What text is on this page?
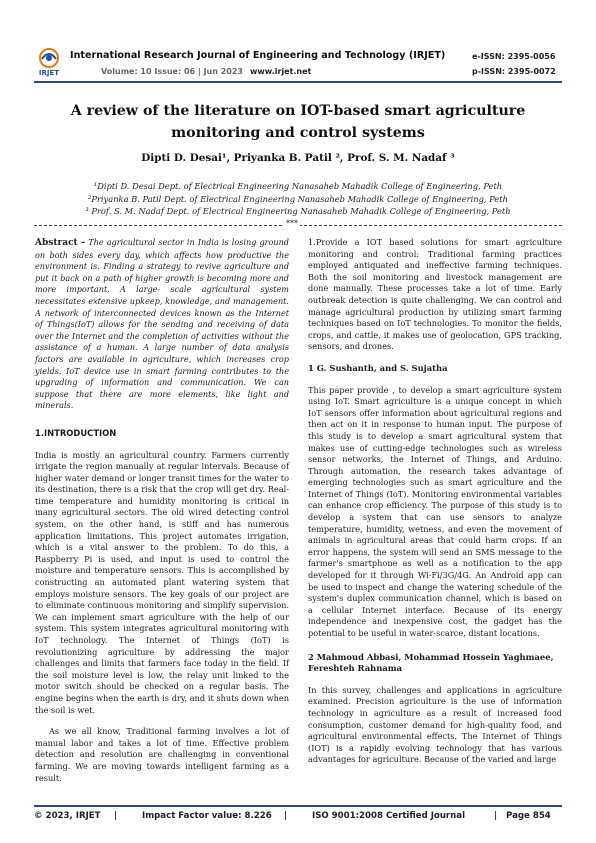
IRJET
International Research Journal of Engineering and Technology (IRJET)
Volume: 10 Issue: 06 | Jun 2023 www.irjet.net
e-ISSN: 2395-0056
p-ISSN: 2395-0072
A review of the literature on IOT-based smart agriculture monitoring and control systems
Dipti D. Desai¹, Priyanka B. Patil ², Prof. S. M. Nadaf ³
¹Dipti D. Desai Dept. of Electrical Engineering Nanasaheb Mahadik College of Engineering, Peth
²Priyanka B. Patil Dept. of Electrical Engineering Nanasaheb Mahadik College of Engineering, Peth
³ Prof. S. M. Nadaf Dept. of Electrical Engineering Nanasaheb Mahadik College of Engineering, Peth
***
Abstract - The agricultural sector in India is losing ground on both sides every day, which affects how productive the environment is. Finding a strategy to revive agriculture and put it back on a path of higher growth is becoming more and more important. A large- scale agricultural system necessitates extensive upkeep, knowledge, and management. A network of interconnected devices known as the Internet of Things(IoT) allows for the sending and receiving of data over the Internet and the completion of activities without the assistance of a human. A large number of data analysis factors are available in agriculture, which increases crop yields. IoT device use in smart farming contributes to the upgrading of information and communication. We can suppose that there are more elements, like light and minerals.
1.INTRODUCTION
India is mostly an agricultural country. Farmers currently irrigate the region manually at regular intervals. Because of higher water demand or longer transit times for the water to its destination, there is a risk that the crop will get dry. Real-time temperature and humidity monitoring is critical in many agricultural sectors. The old wired detecting control system, on the other hand, is stiff and has numerous application limitations. This project automates irrigation, which is a vital answer to the problem. To do this, a Raspberry Pi is used, and input is used to control the moisture and temperature sensors. This is accomplished by constructing an automated plant watering system that employs moisture sensors. The key goals of our project are to eliminate continuous monitoring and simplify supervision. We can implement smart agriculture with the help of our system. This system integrates agricultural monitoring with IoT technology. The Internet of Things (IoT) is revolutionizing agriculture by addressing the major challenges and limits that farmers face today in the field. If the soil moisture level is low, the relay unit linked to the motor switch should be checked on a regular basis. The engine begins when the earth is dry, and it shuts down when the soil is wet.
As we all know, Traditional farming involves a lot of manual labor and takes a lot of time. Effective problem detection and resolution are challenging in conventional farming. We are moving towards intelligent farming as a result.
1.Provide a IOT based solutions for smart agriculture monitoring and control: Traditional farming practices employed antiquated and ineffective farming techniques. Both the soil monitoring and livestock management are done manually. These processes take a lot of time. Early outbreak detection is quite challenging. We can control and manage agricultural production by utilizing smart farming techniques based on IoT technologies. To monitor the fields, crops, and cattle, it makes use of geolocation, GPS tracking, sensors, and drones.
1 G. Sushanth, and S. Sujatha
This paper provide , to develop a smart agriculture system using IoT. Smart agriculture is a unique concept in which IoT sensors offer information about agricultural regions and then act on it in response to human input. The purpose of this study is to develop a smart agricultural system that makes use of cutting-edge technologies such as wireless sensor networks, the Internet of Things, and Arduino. Through automation, the research takes advantage of emerging technologies such as smart agriculture and the Internet of Things (IoT). Monitoring environmental variables can enhance crop efficiency. The purpose of this study is to develop a system that can use sensors to analyze temperature, humidity, wetness, and even the movement of animals in agricultural areas that could harm crops. If an error happens, the system will send an SMS message to the farmer's smartphone as well as a notification to the app developed for it through Wi-Fi/3G/4G. An Android app can be used to inspect and change the watering schedule of the system's duplex communication channel, which is based on a cellular Internet interface. Because of its energy independence and inexpensive cost, the gadget has the potential to be useful in water-scarce, distant locations.
2 Mahmoud Abbasi, Mohammad Hossein Yaghmaee, Fereshteh Rahnama
In this survey, challenges and applications in agriculture examined. Precision agriculture is the use of information technology in agriculture as a result of increased food consumption, customer demand for high-quality food, and agricultural environmental effects. The Internet of Things (IOT) is a rapidly evolving technology that has various advantages for agriculture. Because of the varied and large
© 2023, IRJET |	Impact Factor value: 8.226 |	ISO 9001:2008 Certified Journal	| Page 854
